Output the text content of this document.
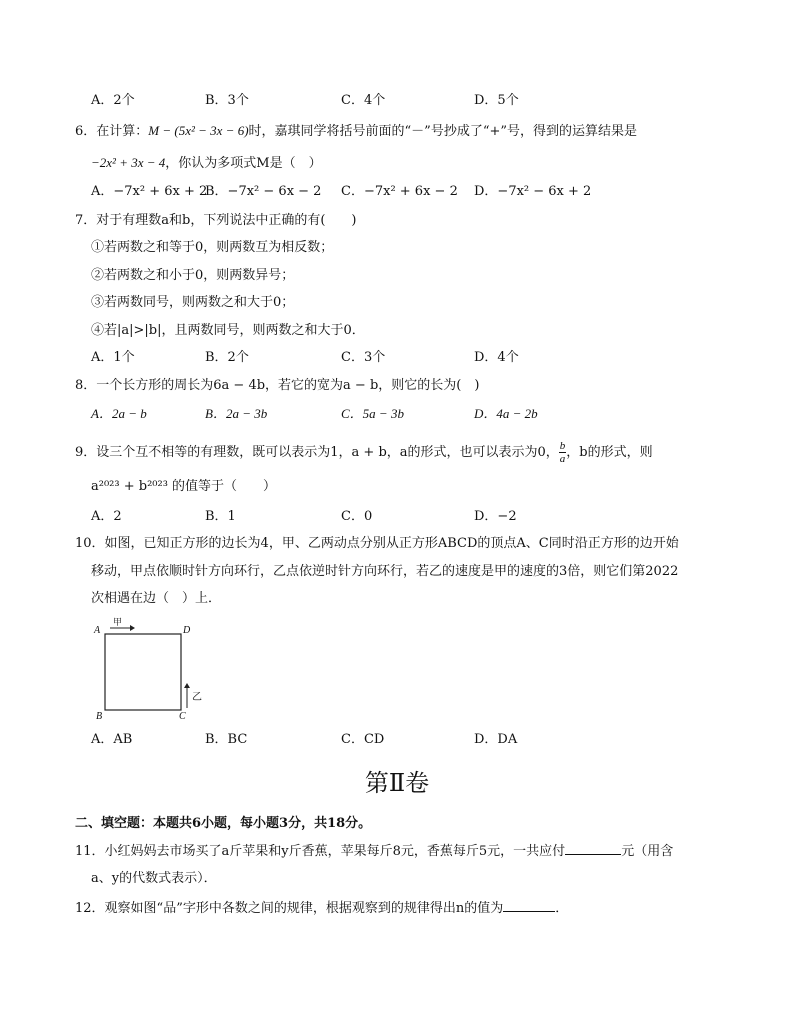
A．2个	B．3个	C．4个	D．5个
6．在计算：M − (5x² − 3x − 6)时，嘉琪同学将括号前面的“－”号抄成了“+”号，得到的运算结果是
−2x² + 3x − 4，你认为多项式M是（　）
A．−7x² + 6x + 2
B．−7x² − 6x − 2 C．−7x² + 6x − 2 D．−7x² − 6x + 2
7．对于有理数a和b，下列说法中正确的有(　　)
①若两数之和等于0，则两数互为相反数；
②若两数之和小于0，则两数异号；
③若两数同号，则两数之和大于0；
④若|a|>|b|，且两数同号，则两数之和大于0．
A．1个	B．2个	C．3个	D．4个
8．一个长方形的周长为6a − 4b，若它的宽为a − b，则它的长为(　)
A．2a − b	B．2a − 3b	C．5a − 3b	D．4a − 2b
9．设三个互不相等的有理数，既可以表示为1，a + b，a的形式，也可以表示为0， $\frac{b}{a}$ ，b的形式，则
a²⁰²³ + b²⁰²³ 的值等于（　　）
A．2	B．1	C．0	D．−2
10．如图，已知正方形的边长为4，甲、乙两动点分别从正方形ABCD的顶点A、C同时沿正方形的边开始
移动，甲点依顺时针方向环行，乙点依逆时针方向环行，若乙的速度是甲的速度的3倍，则它们第2022
次相遇在边（　）上．
A	D
B	C
甲
乙
A．AB	B．BC	C．CD	D．DA
第Ⅱ卷
二、填空题：本题共6小题，每小题3分，共18分。
11．小红妈妈去市场买了a斤苹果和y斤香蕉，苹果每斤8元，香蕉每斤5元，一共应付	元（用含
a、y的代数式表示）．
12．观察如图“品”字形中各数之间的规律，根据观察到的规律得出n的值为	．
